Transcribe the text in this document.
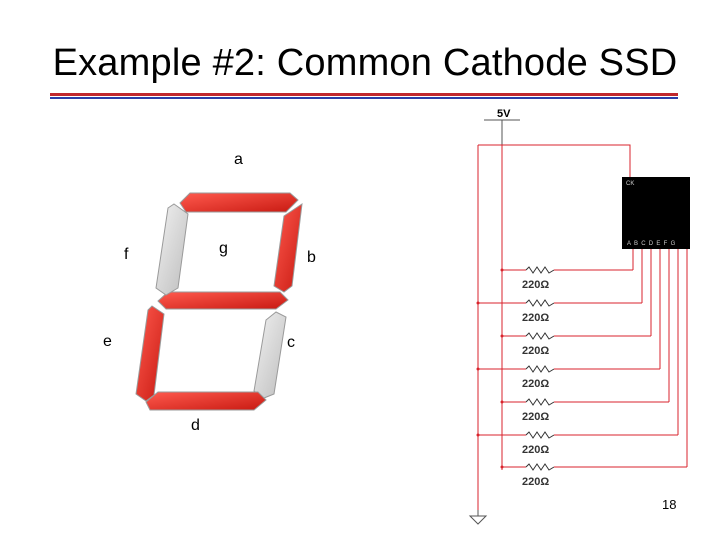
Example #2: Common Cathode SSD
a
b
c
d
e
f	g
5V
CK
A B C D E F G
220Ω
220Ω
220Ω
220Ω
220Ω
220Ω
220Ω
18
